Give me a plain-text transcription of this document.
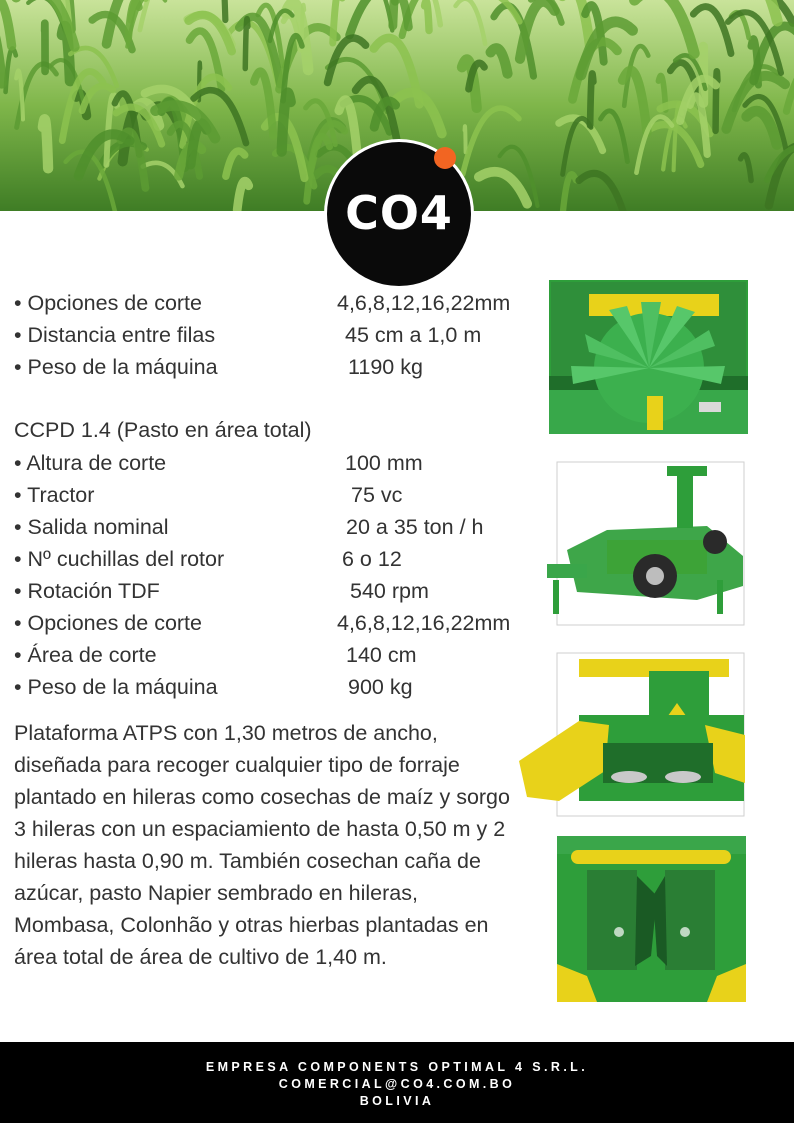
CO4
• Opciones de corte	4,6,8,12,16,22mm
• Distancia entre filas	45 cm a 1,0 m
• Peso de la máquina	1190 kg
CCPD 1.4 (Pasto en área total)
• Altura de corte	100 mm
• Tractor	75 vc
• Salida nominal	20 a 35 ton / h
• Nº cuchillas del rotor	6 o 12
• Rotación TDF	540 rpm
• Opciones de corte	4,6,8,12,16,22mm
• Área de corte	140 cm
• Peso de la máquina	900 kg
Plataforma ATPS con 1,30 metros de ancho, diseñada para recoger cualquier tipo de forraje plantado en hileras como cosechas de maíz y sorgo 3 hileras con un espaciamiento de hasta 0,50 m y 2 hileras hasta 0,90 m. También cosechan caña de azúcar, pasto Napier sembrado en hileras, Mombasa, Colonhão y otras hierbas plantadas en área total de área de cultivo de 1,40 m.
EMPRESA COMPONENTS OPTIMAL 4 S.R.L.
COMERCIAL@CO4.COM.BO
BOLIVIA
